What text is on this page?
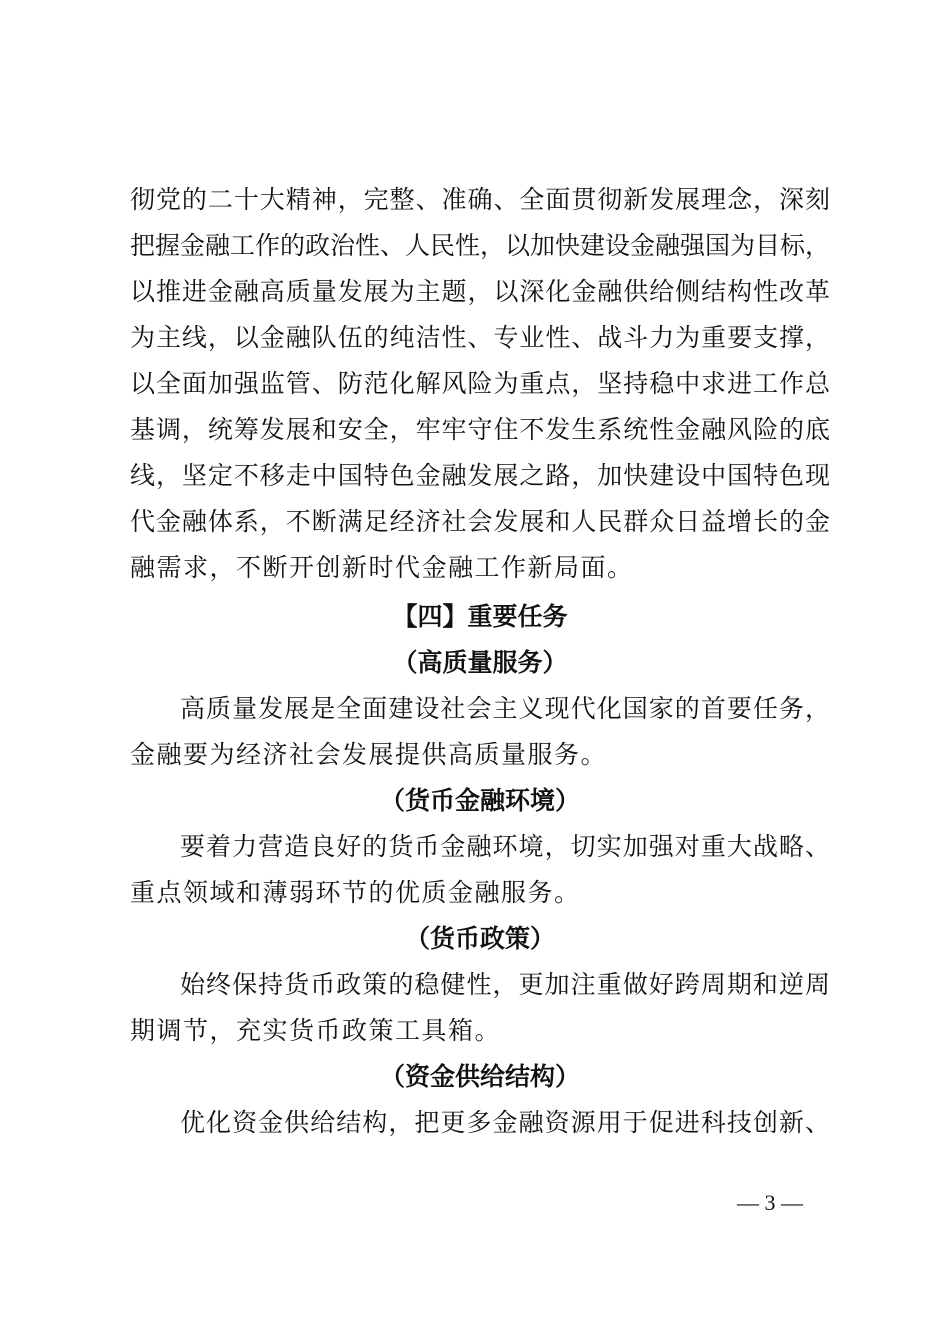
彻党的二十大精神，完整、准确、全面贯彻新发展理念，深刻
把握金融工作的政治性、人民性，以加快建设金融强国为目标，
以推进金融高质量发展为主题，以深化金融供给侧结构性改革
为主线，以金融队伍的纯洁性、专业性、战斗力为重要支撑，
以全面加强监管、防范化解风险为重点，坚持稳中求进工作总
基调，统筹发展和安全，牢牢守住不发生系统性金融风险的底
线，坚定不移走中国特色金融发展之路，加快建设中国特色现
代金融体系，不断满足经济社会发展和人民群众日益增长的金
融需求，不断开创新时代金融工作新局面。
【四】重要任务
（高质量服务）
高质量发展是全面建设社会主义现代化国家的首要任务，
金融要为经济社会发展提供高质量服务。
（货币金融环境）
要着力营造良好的货币金融环境，切实加强对重大战略、
重点领域和薄弱环节的优质金融服务。
（货币政策）
始终保持货币政策的稳健性，更加注重做好跨周期和逆周
期调节，充实货币政策工具箱。
（资金供给结构）
优化资金供给结构，把更多金融资源用于促进科技创新、
— 3 —
